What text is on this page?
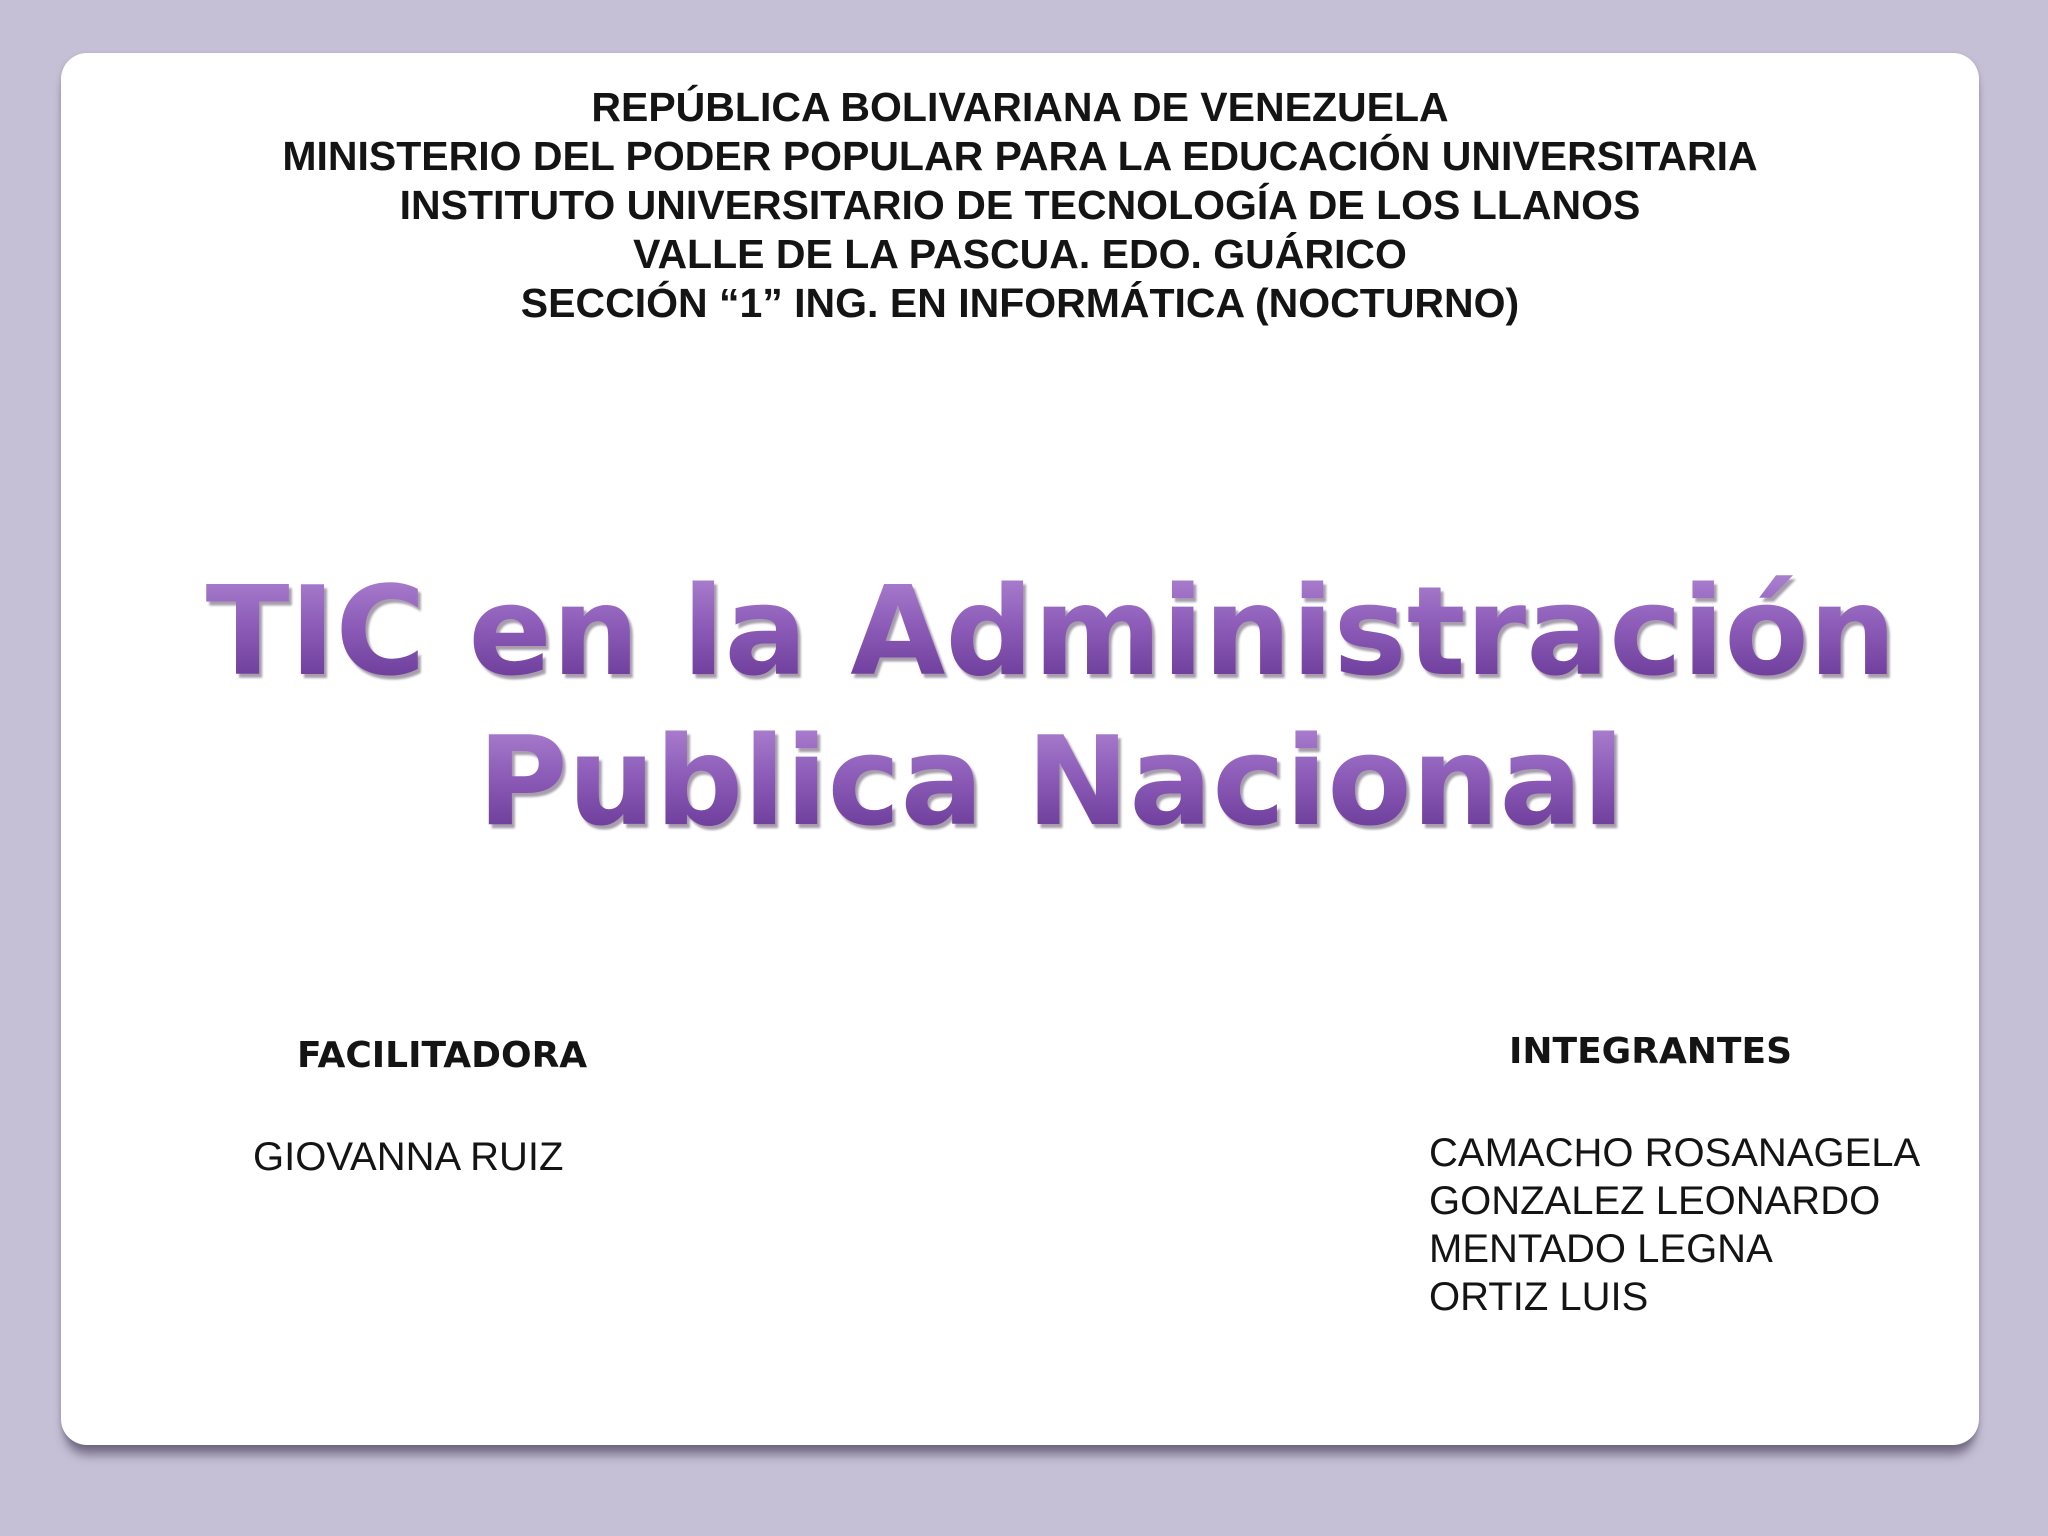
REPÚBLICA BOLIVARIANA DE VENEZUELA
MINISTERIO DEL PODER POPULAR PARA LA EDUCACIÓN UNIVERSITARIA
INSTITUTO UNIVERSITARIO DE TECNOLOGÍA DE LOS LLANOS
VALLE DE LA PASCUA. EDO. GUÁRICO
SECCIÓN “1” ING. EN INFORMÁTICA (NOCTURNO)
TIC en la Administración
Publica Nacional
FACILITADORA
GIOVANNA RUIZ
INTEGRANTES
CAMACHO ROSANAGELA
GONZALEZ LEONARDO
MENTADO LEGNA
ORTIZ LUIS
